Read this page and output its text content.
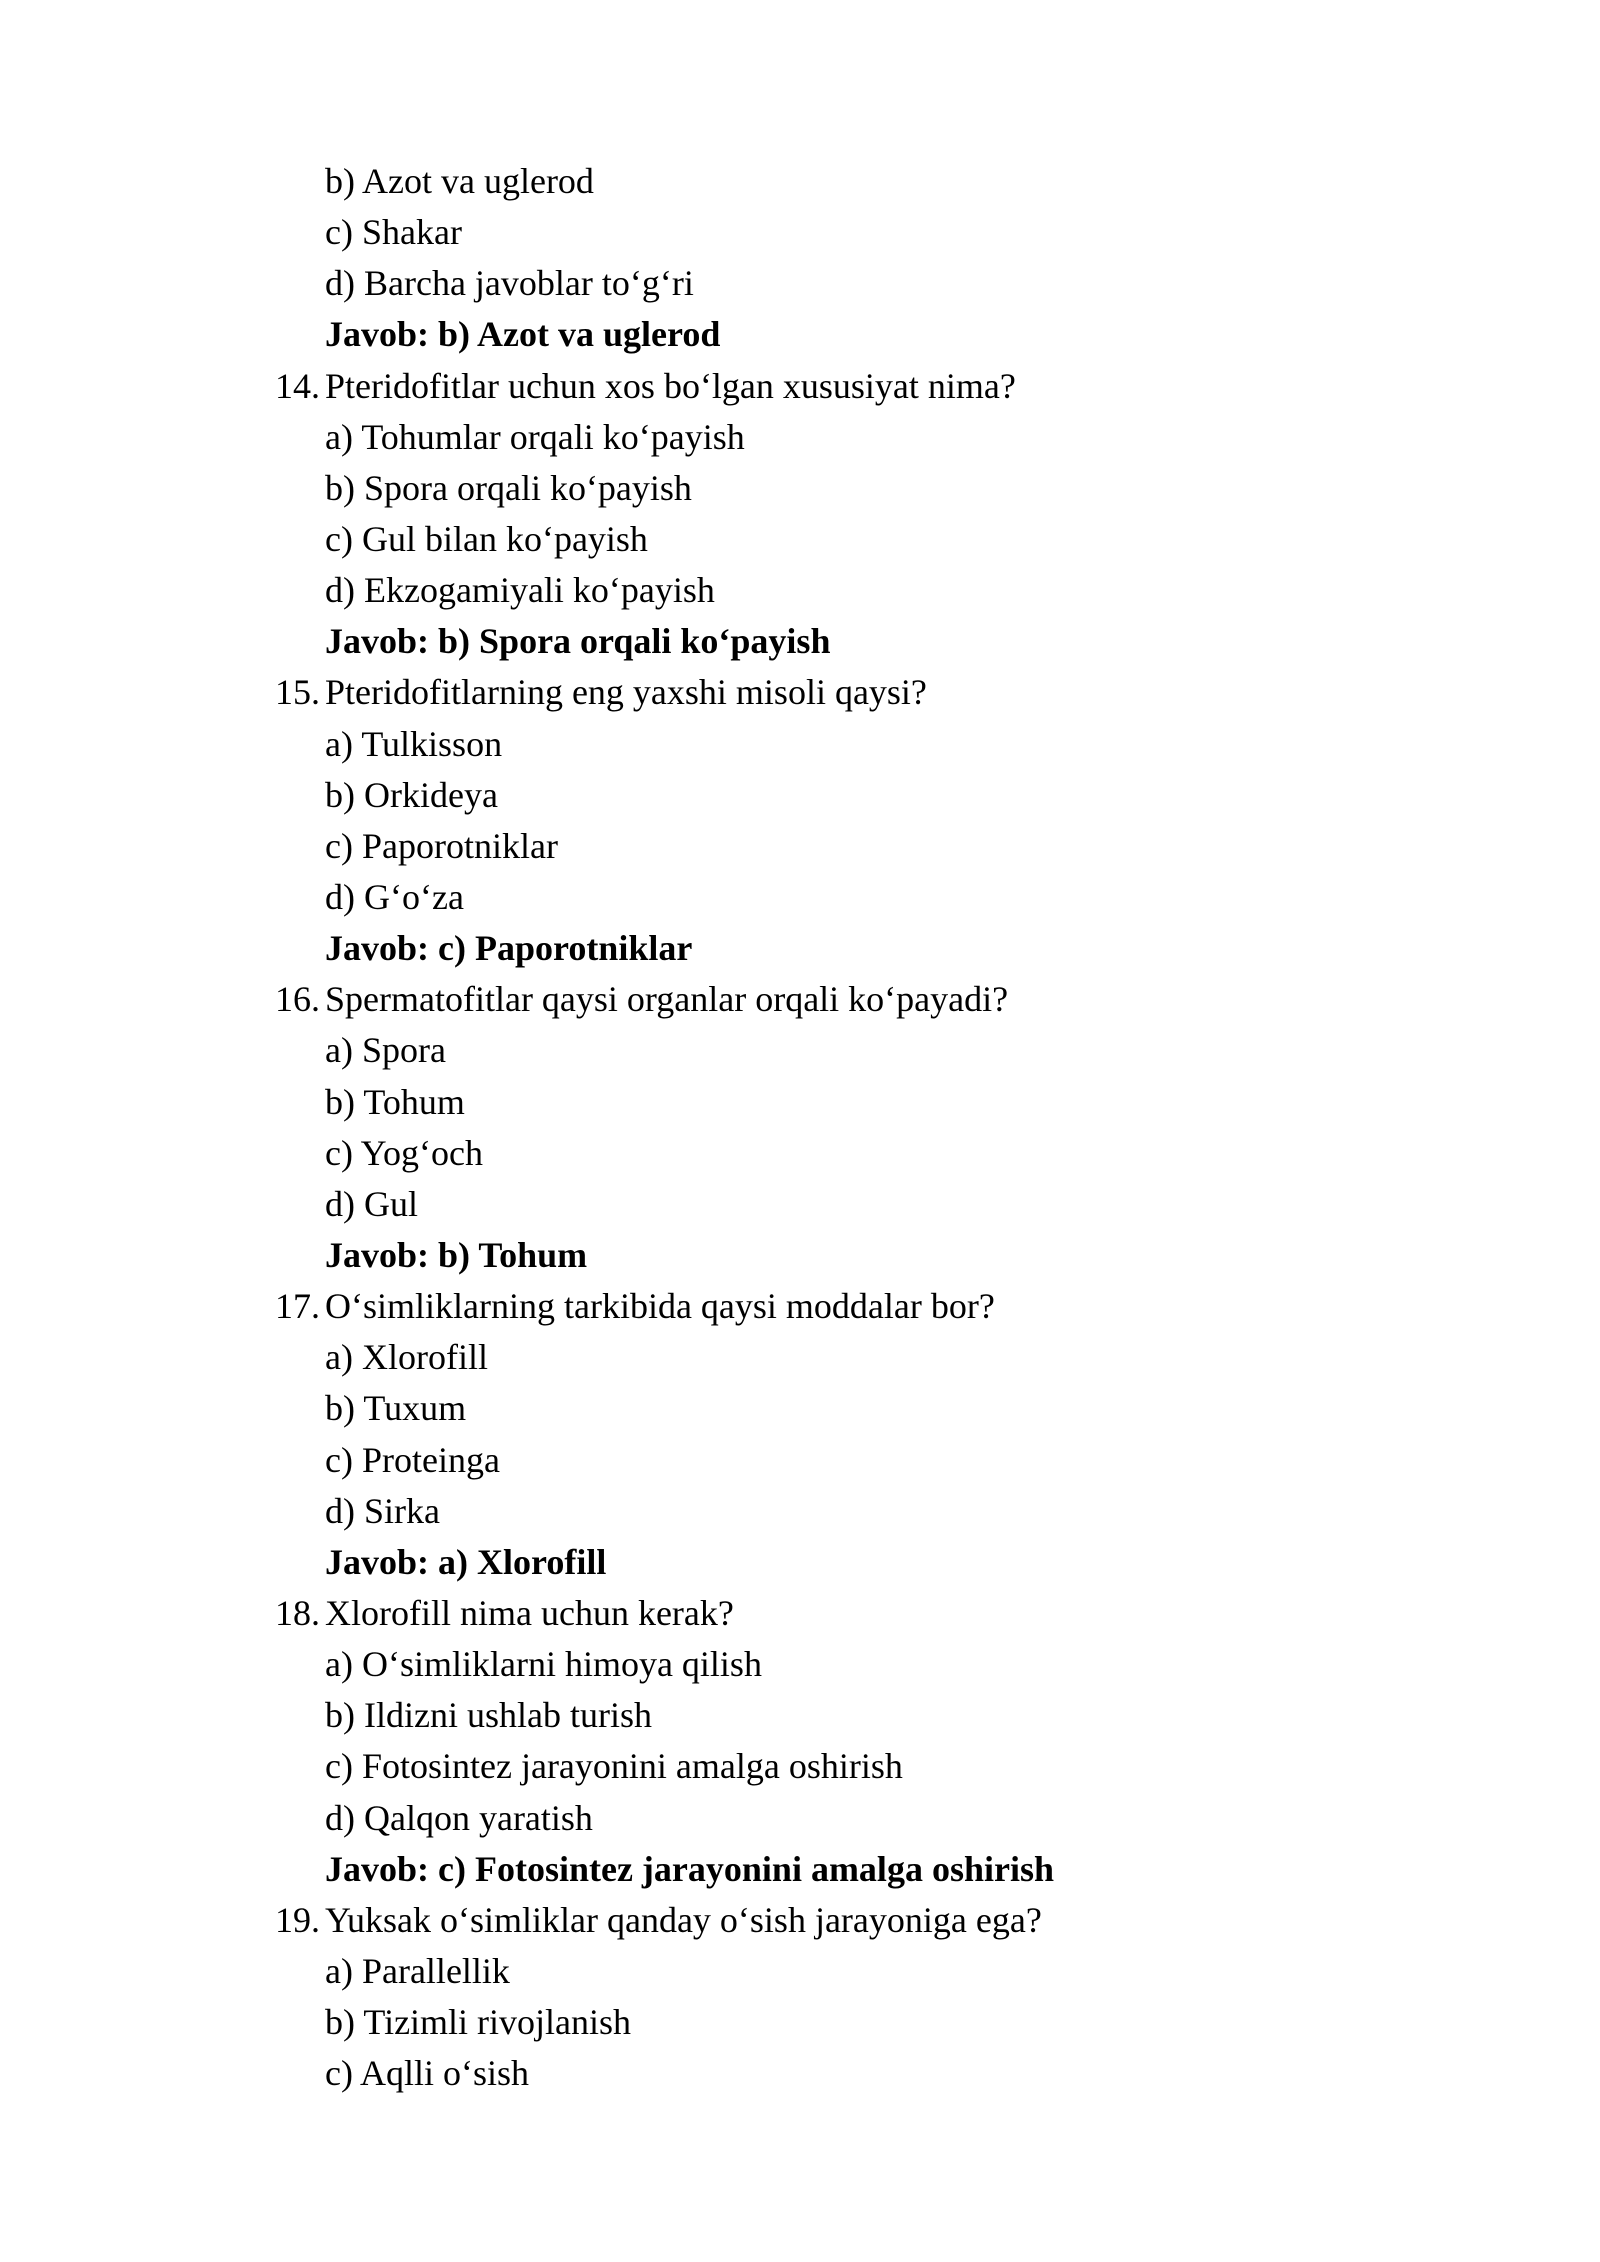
b) Azot va uglerod
c) Shakar
d) Barcha javoblar to‘g‘ri
Javob: b) Azot va uglerod
14. Pteridofitlar uchun xos bo‘lgan xususiyat nima?
a) Tohumlar orqali ko‘payish
b) Spora orqali ko‘payish
c) Gul bilan ko‘payish
d) Ekzogamiyali ko‘payish
Javob: b) Spora orqali ko‘payish
15. Pteridofitlarning eng yaxshi misoli qaysi?
a) Tulkisson
b) Orkideya
c) Paporotniklar
d) G‘o‘za
Javob: c) Paporotniklar
16. Spermatofitlar qaysi organlar orqali ko‘payadi?
a) Spora
b) Tohum
c) Yog‘och
d) Gul
Javob: b) Tohum
17. O‘simliklarning tarkibida qaysi moddalar bor?
a) Xlorofill
b) Tuxum
c) Proteinga
d) Sirka
Javob: a) Xlorofill
18. Xlorofill nima uchun kerak?
a) O‘simliklarni himoya qilish
b) Ildizni ushlab turish
c) Fotosintez jarayonini amalga oshirish
d) Qalqon yaratish
Javob: c) Fotosintez jarayonini amalga oshirish
19. Yuksak o‘simliklar qanday o‘sish jarayoniga ega?
a) Parallellik
b) Tizimli rivojlanish
c) Aqlli o‘sish
